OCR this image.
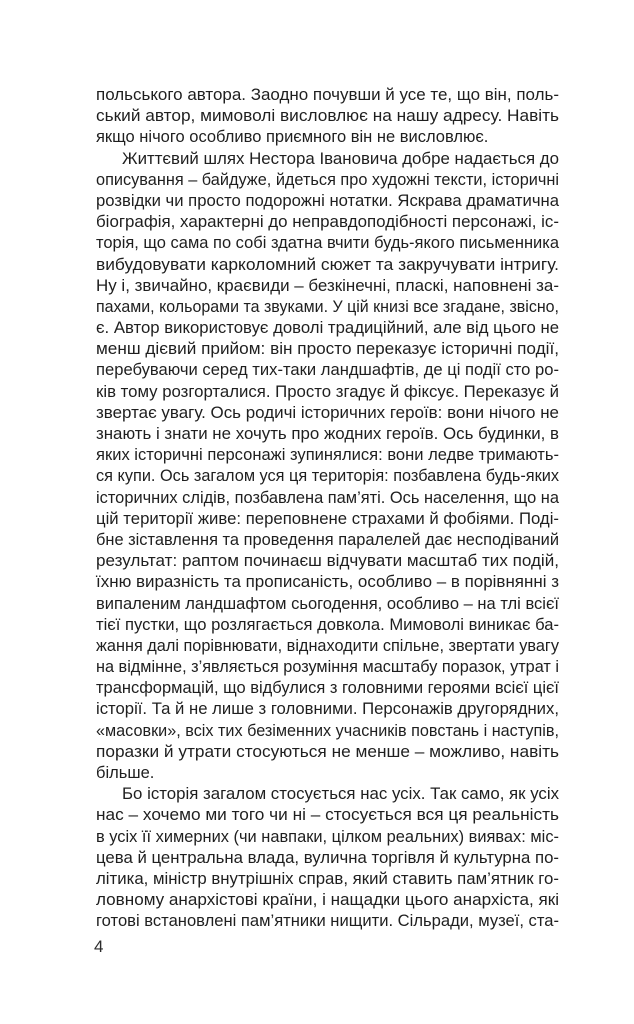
польського автора. Заодно почувши й усе те, що він, поль-
ський автор, мимоволі висловлює на нашу адресу. Навіть
якщо нічого особливо приємного він не висловлює.
Життєвий шлях Нестора Івановича добре надається до
описування – байдуже, йдеться про художні тексти, історичні
розвідки чи просто подорожні нотатки. Яскрава драматична
біографія, характерні до неправдоподібності персонажі, іс-
торія, що сама по собі здатна вчити будь-якого письменника
вибудовувати карколомний сюжет та закручувати інтригу.
Ну і, звичайно, краєвиди – безкінечні, пласкі, наповнені за-
пахами, кольорами та звуками. У цій книзі все згадане, звісно,
є. Автор використовує доволі традиційний, але від цього не
менш дієвий прийом: він просто переказує історичні події,
перебуваючи серед тих-таки ландшафтів, де ці події сто ро-
ків тому розгорталися. Просто згадує й фіксує. Переказує й
звертає увагу. Ось родичі історичних героїв: вони нічого не
знають і знати не хочуть про жодних героїв. Ось будинки, в
яких історичні персонажі зупинялися: вони ледве тримають-
ся купи. Ось загалом уся ця територія: позбавлена будь-яких
історичних слідів, позбавлена пам’яті. Ось населення, що на
цій території живе: переповнене страхами й фобіями. Поді-
бне зіставлення та проведення паралелей дає несподіваний
результат: раптом починаєш відчувати масштаб тих подій,
їхню виразність та прописаність, особливо – в порівнянні з
випаленим ландшафтом сьогодення, особливо – на тлі всієї
тієї пустки, що розлягається довкола. Мимоволі виникає ба-
жання далі порівнювати, віднаходити спільне, звертати увагу
на відмінне, з’являється розуміння масштабу поразок, утрат і
трансформацій, що відбулися з головними героями всієї цієї
історії. Та й не лише з головними. Персонажів другорядних,
«масовки», всіх тих безіменних учасників повстань і наступів,
поразки й утрати стосуються не менше – можливо, навіть
більше.
Бо історія загалом стосується нас усіх. Так само, як усіх
нас – хочемо ми того чи ні – стосується вся ця реальність
в усіх її химерних (чи навпаки, цілком реальних) виявах: міс-
цева й центральна влада, вулична торгівля й культурна по-
літика, міністр внутрішніх справ, який ставить пам’ятник го-
ловному анархістові країни, і нащадки цього анархіста, які
готові встановлені пам’ятники нищити. Сільради, музеї, ста-
4
